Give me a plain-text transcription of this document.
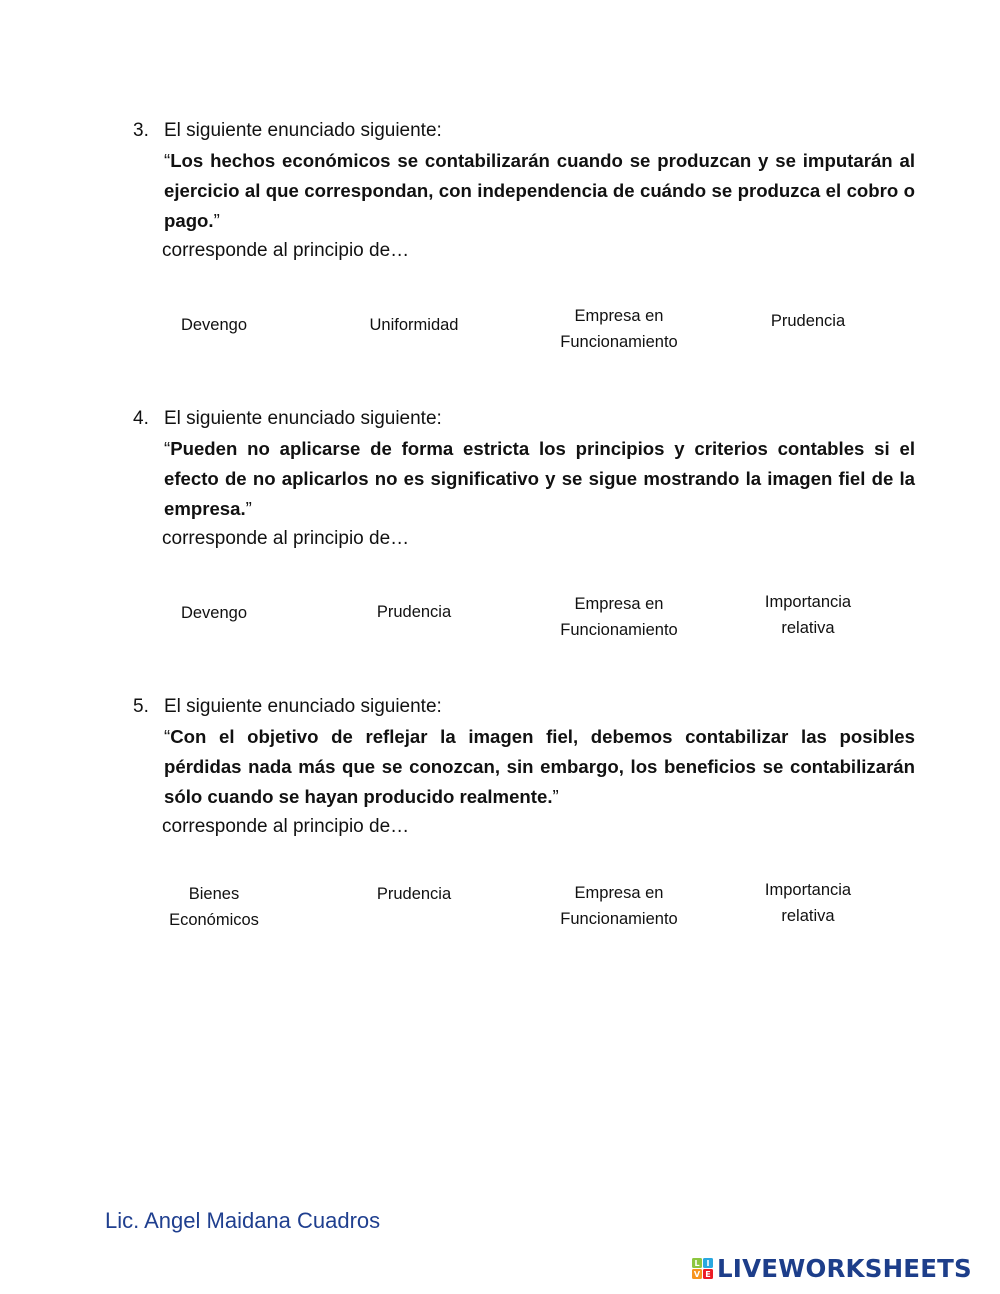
3. El siguiente enunciado siguiente:
“Los hechos económicos se contabilizarán cuando se produzcan y se imputarán al ejercicio al que correspondan, con independencia de cuándo se produzca el cobro o pago.”
corresponde al principio de…
Devengo	Uniformidad	Empresa en
Funcionamiento
Prudencia
4. El siguiente enunciado siguiente:
“Pueden no aplicarse de forma estricta los principios y criterios contables si el efecto de no aplicarlos no es significativo y se sigue mostrando la imagen fiel de la empresa.”
corresponde al principio de…
Devengo	Prudencia	Empresa en
Funcionamiento
Importancia
relativa
5. El siguiente enunciado siguiente:
“Con el objetivo de reflejar la imagen fiel, debemos contabilizar las posibles pérdidas nada más que se conozcan, sin embargo, los beneficios se contabilizarán sólo cuando se hayan producido realmente.”
corresponde al principio de…
Bienes
Económicos
Prudencia	Empresa en
Funcionamiento
Importancia
relativa
Lic. Angel Maidana Cuadros
L I
V E LIVEWORKSHEETS
